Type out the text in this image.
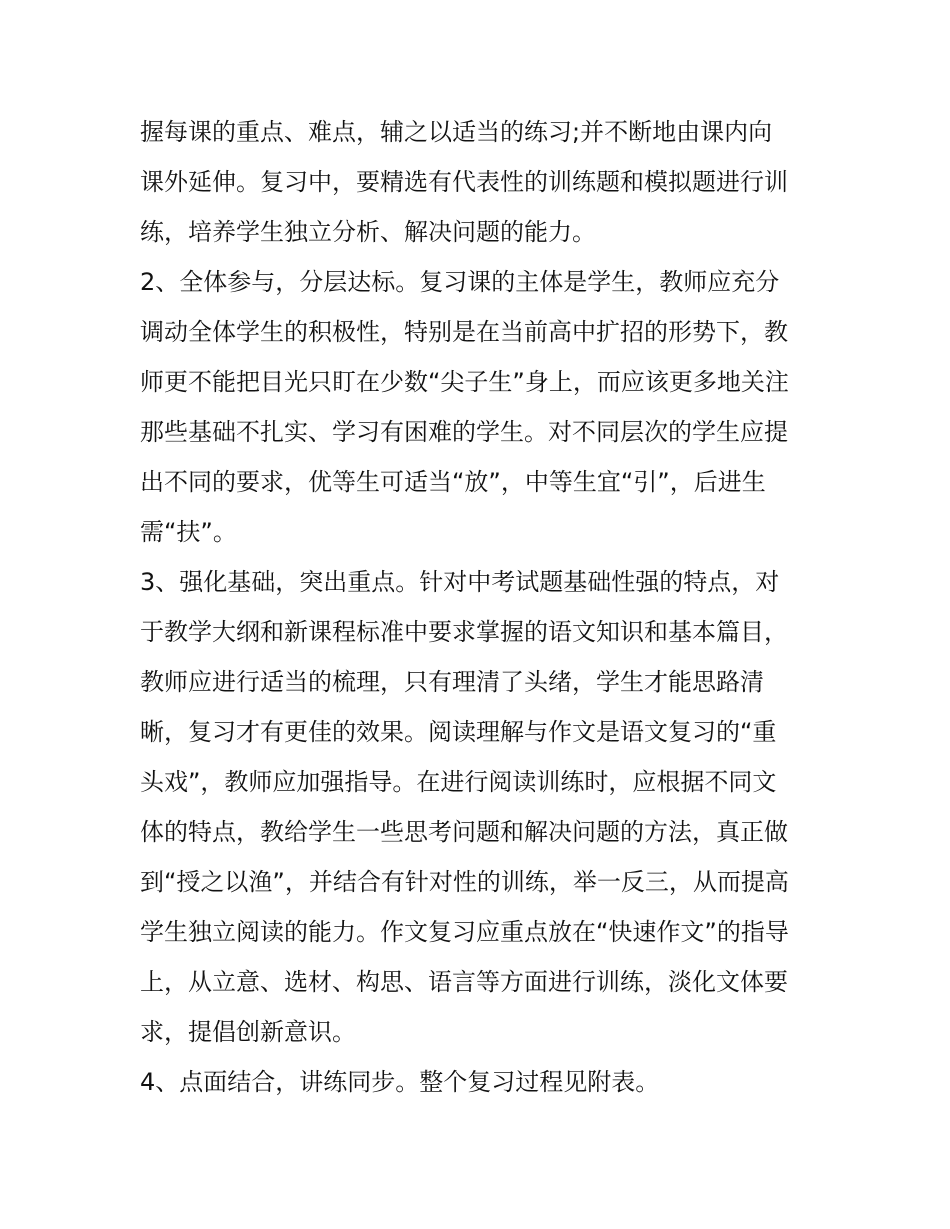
握每课的重点、难点，辅之以适当的练习;并不断地由课内向
课外延伸。复习中，要精选有代表性的训练题和模拟题进行训
练，培养学生独立分析、解决问题的能力。
2、全体参与，分层达标。复习课的主体是学生，教师应充分
调动全体学生的积极性，特别是在当前高中扩招的形势下，教
师更不能把目光只盯在少数“尖子生”身上，而应该更多地关注
那些基础不扎实、学习有困难的学生。对不同层次的学生应提
出不同的要求，优等生可适当“放”，中等生宜“引”，后进生
需“扶”。
3、强化基础，突出重点。针对中考试题基础性强的特点，对
于教学大纲和新课程标准中要求掌握的语文知识和基本篇目，
教师应进行适当的梳理，只有理清了头绪，学生才能思路清
晰，复习才有更佳的效果。阅读理解与作文是语文复习的“重
头戏”，教师应加强指导。在进行阅读训练时，应根据不同文
体的特点，教给学生一些思考问题和解决问题的方法，真正做
到“授之以渔”，并结合有针对性的训练，举一反三，从而提高
学生独立阅读的能力。作文复习应重点放在“快速作文”的指导
上，从立意、选材、构思、语言等方面进行训练，淡化文体要
求，提倡创新意识。
4、点面结合，讲练同步。整个复习过程见附表。
